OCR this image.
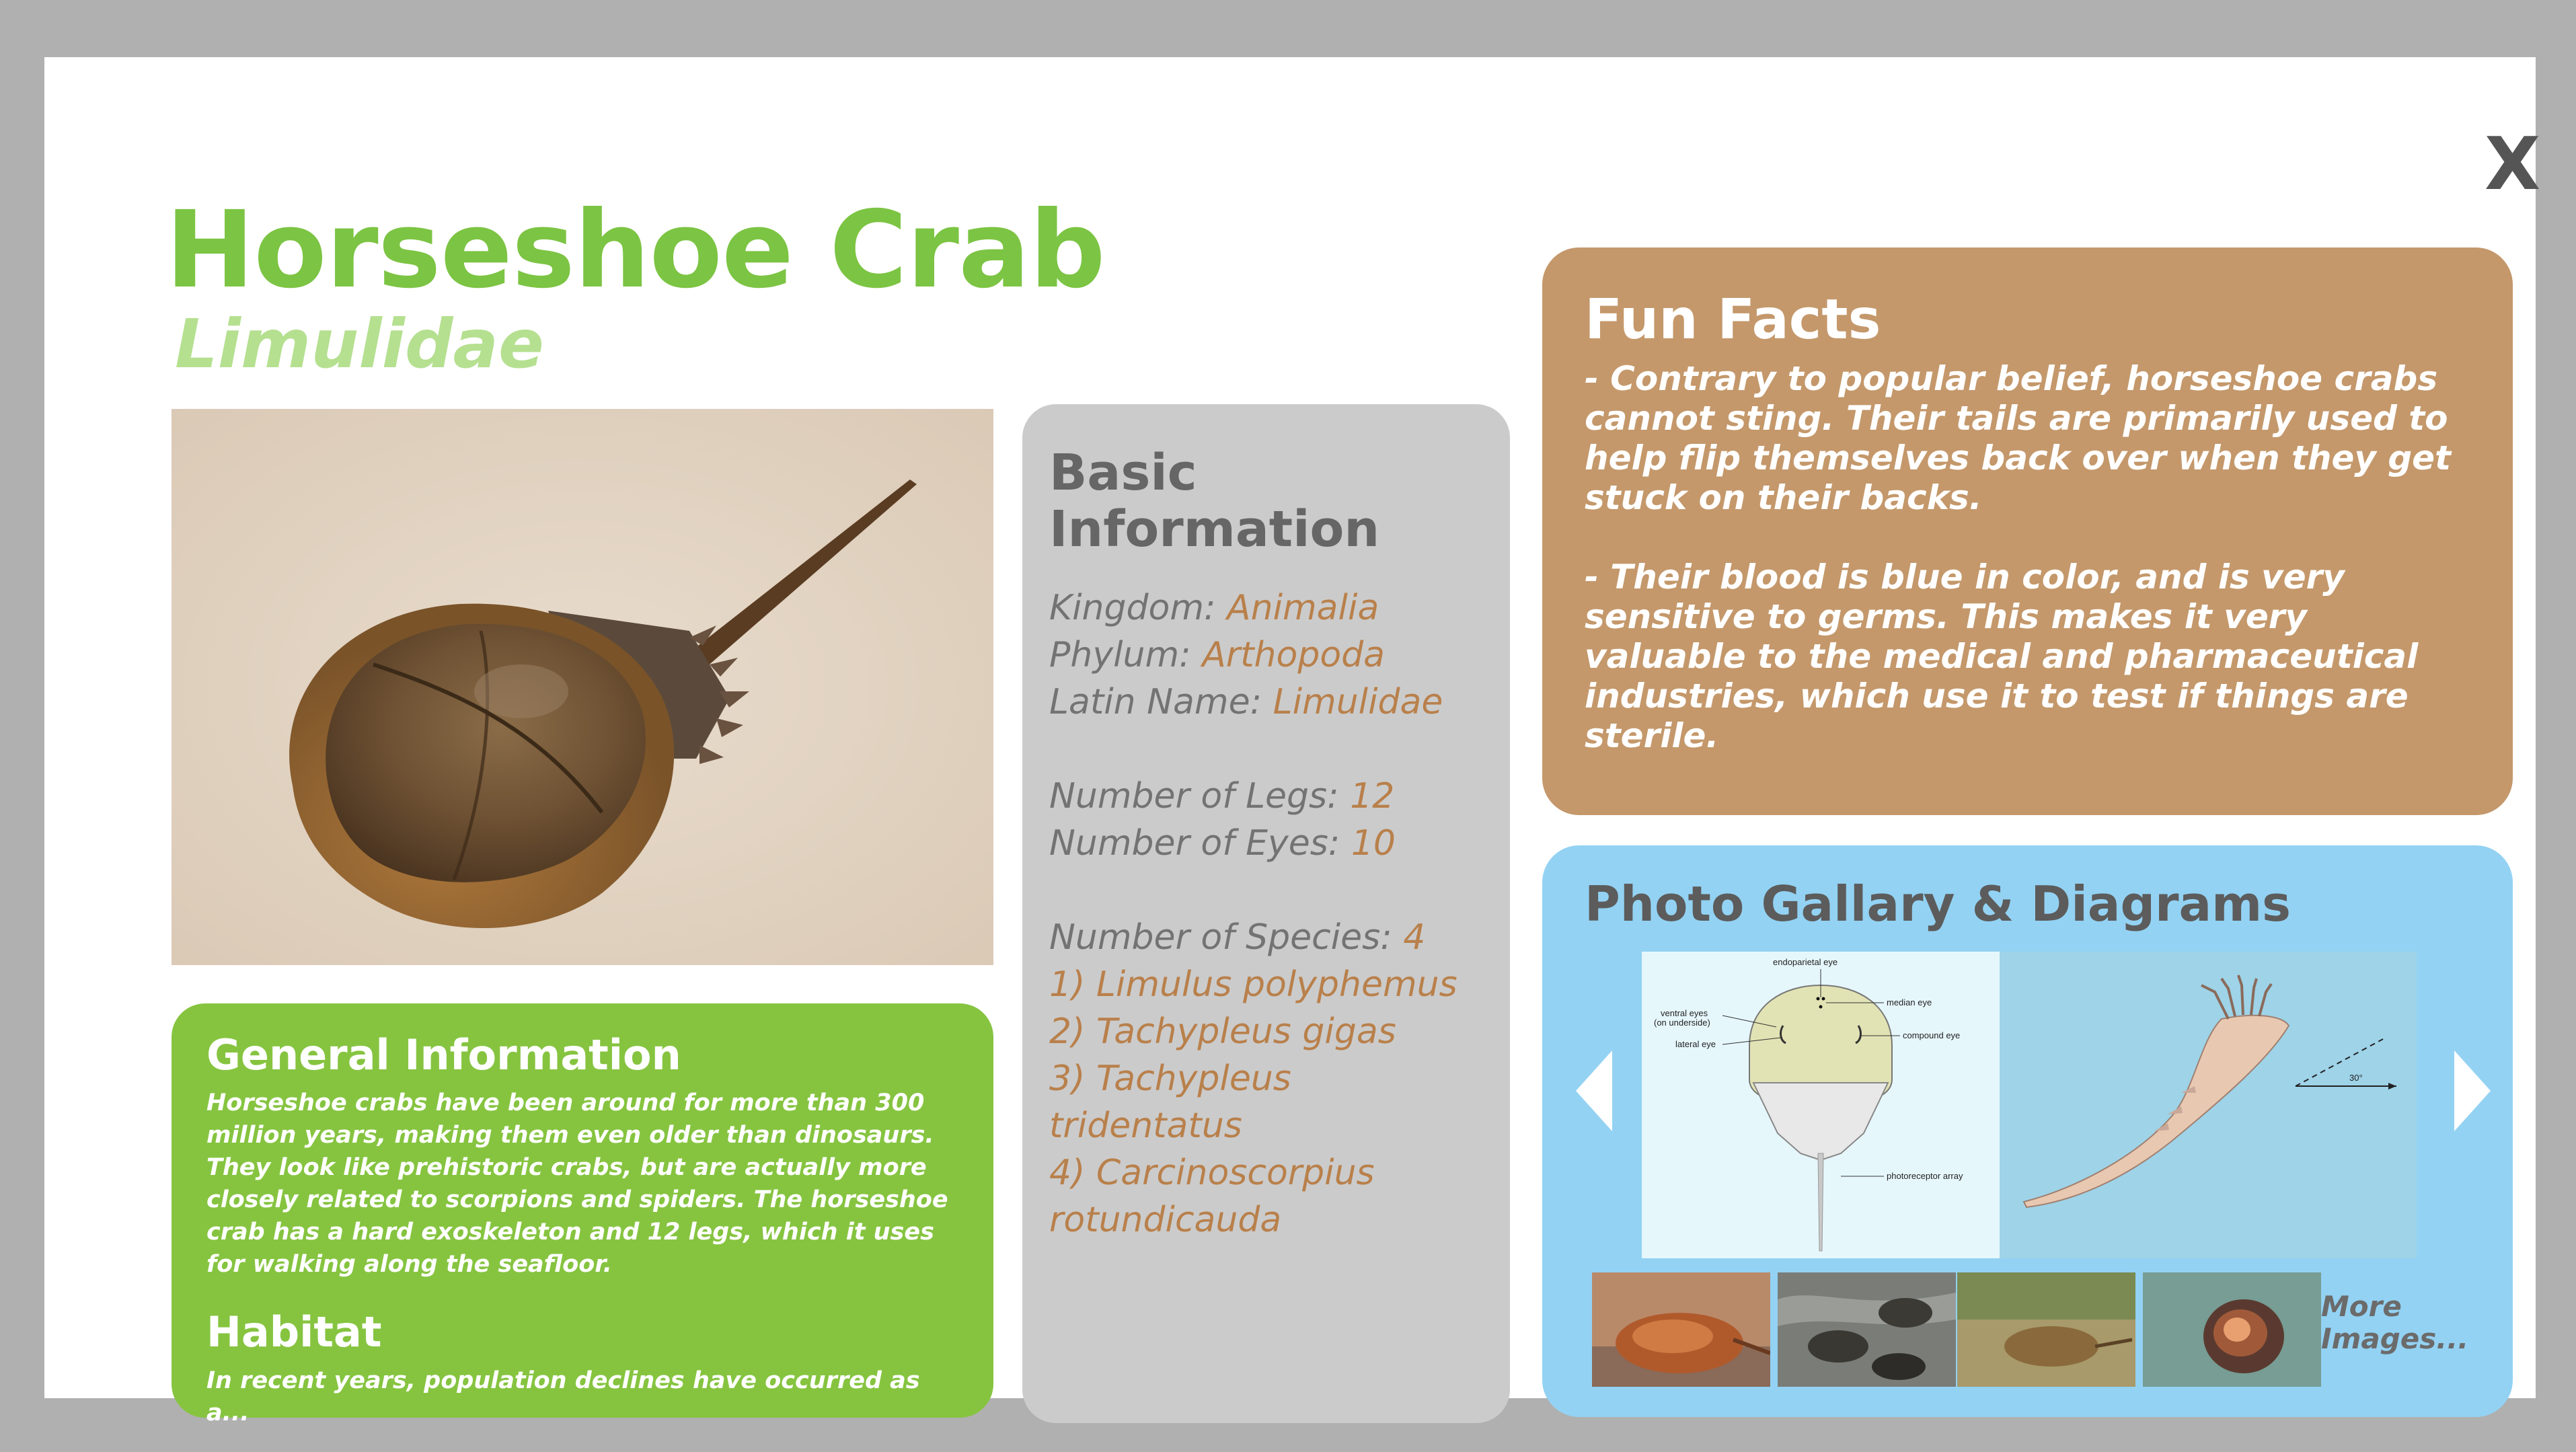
X
Horseshoe Crab
Limulidae
General Information

Horseshoe crabs have been around for more than 300 million years, making them even older than dinosaurs. They look like prehistoric crabs, but are actually more closely related to scorpions and spiders. The horseshoe crab has a hard exoskeleton and 12 legs, which it uses for walking along the seafloor.

Habitat

In recent years, population declines have occurred as a...

Basic Information
Kingdom: Animalia
Phylum: Arthopoda
Latin Name: Limulidae
Number of Legs: 12
Number of Eyes: 10
Number of Species: 4
1) Limulus polyphemus
2) Tachypleus gigas
3) Tachypleus tridentatus
4) Carcinoscorpius rotundicauda
Fun Facts

- Contrary to popular belief, horseshoe crabs cannot sting. Their tails are primarily used to help flip themselves back over when they get stuck on their backs.

- Their blood is blue in color, and is very sensitive to germs. This makes it very valuable to the medical and pharmaceutical industries, which use it to test if things are sterile.

Photo Gallary & Diagrams
endoparietal eye
median eye
ventral eyes
(on underside)
lateral eye
compound eye
photoreceptor array
30°
More Images...
